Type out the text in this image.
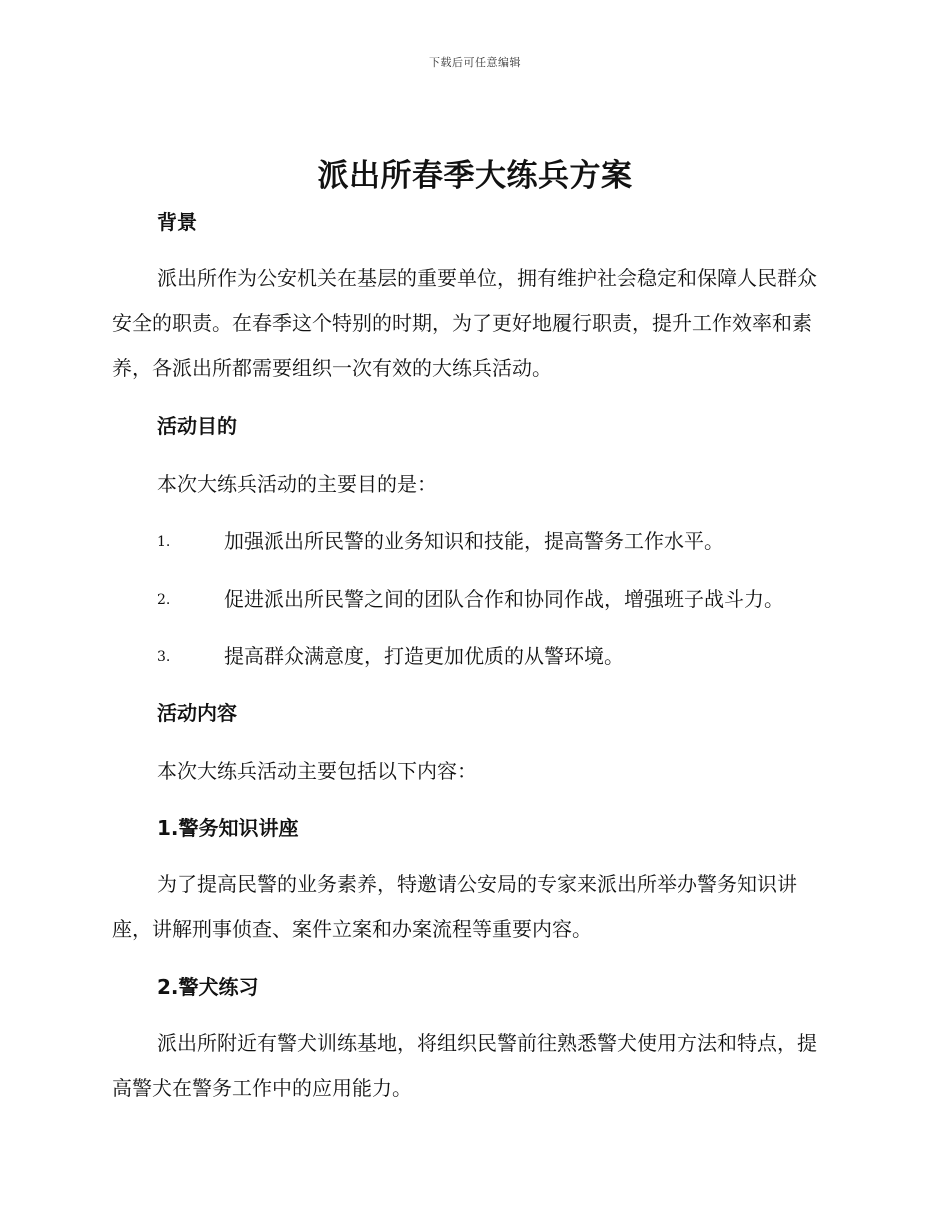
下载后可任意编辑
派出所春季大练兵方案
背景

派出所作为公安机关在基层的重要单位，拥有维护社会稳定和保障人民群众安全的职责。在春季这个特别的时期，为了更好地履行职责，提升工作效率和素养，各派出所都需要组织一次有效的大练兵活动。

活动目的
本次大练兵活动的主要目的是：
1.	加强派出所民警的业务知识和技能，提高警务工作水平。
2.	促进派出所民警之间的团队合作和协同作战，增强班子战斗力。
3.	提高群众满意度，打造更加优质的从警环境。
活动内容
本次大练兵活动主要包括以下内容：
1.警务知识讲座

为了提高民警的业务素养，特邀请公安局的专家来派出所举办警务知识讲座，讲解刑事侦查、案件立案和办案流程等重要内容。

2.警犬练习

派出所附近有警犬训练基地，将组织民警前往熟悉警犬使用方法和特点，提高警犬在警务工作中的应用能力。
